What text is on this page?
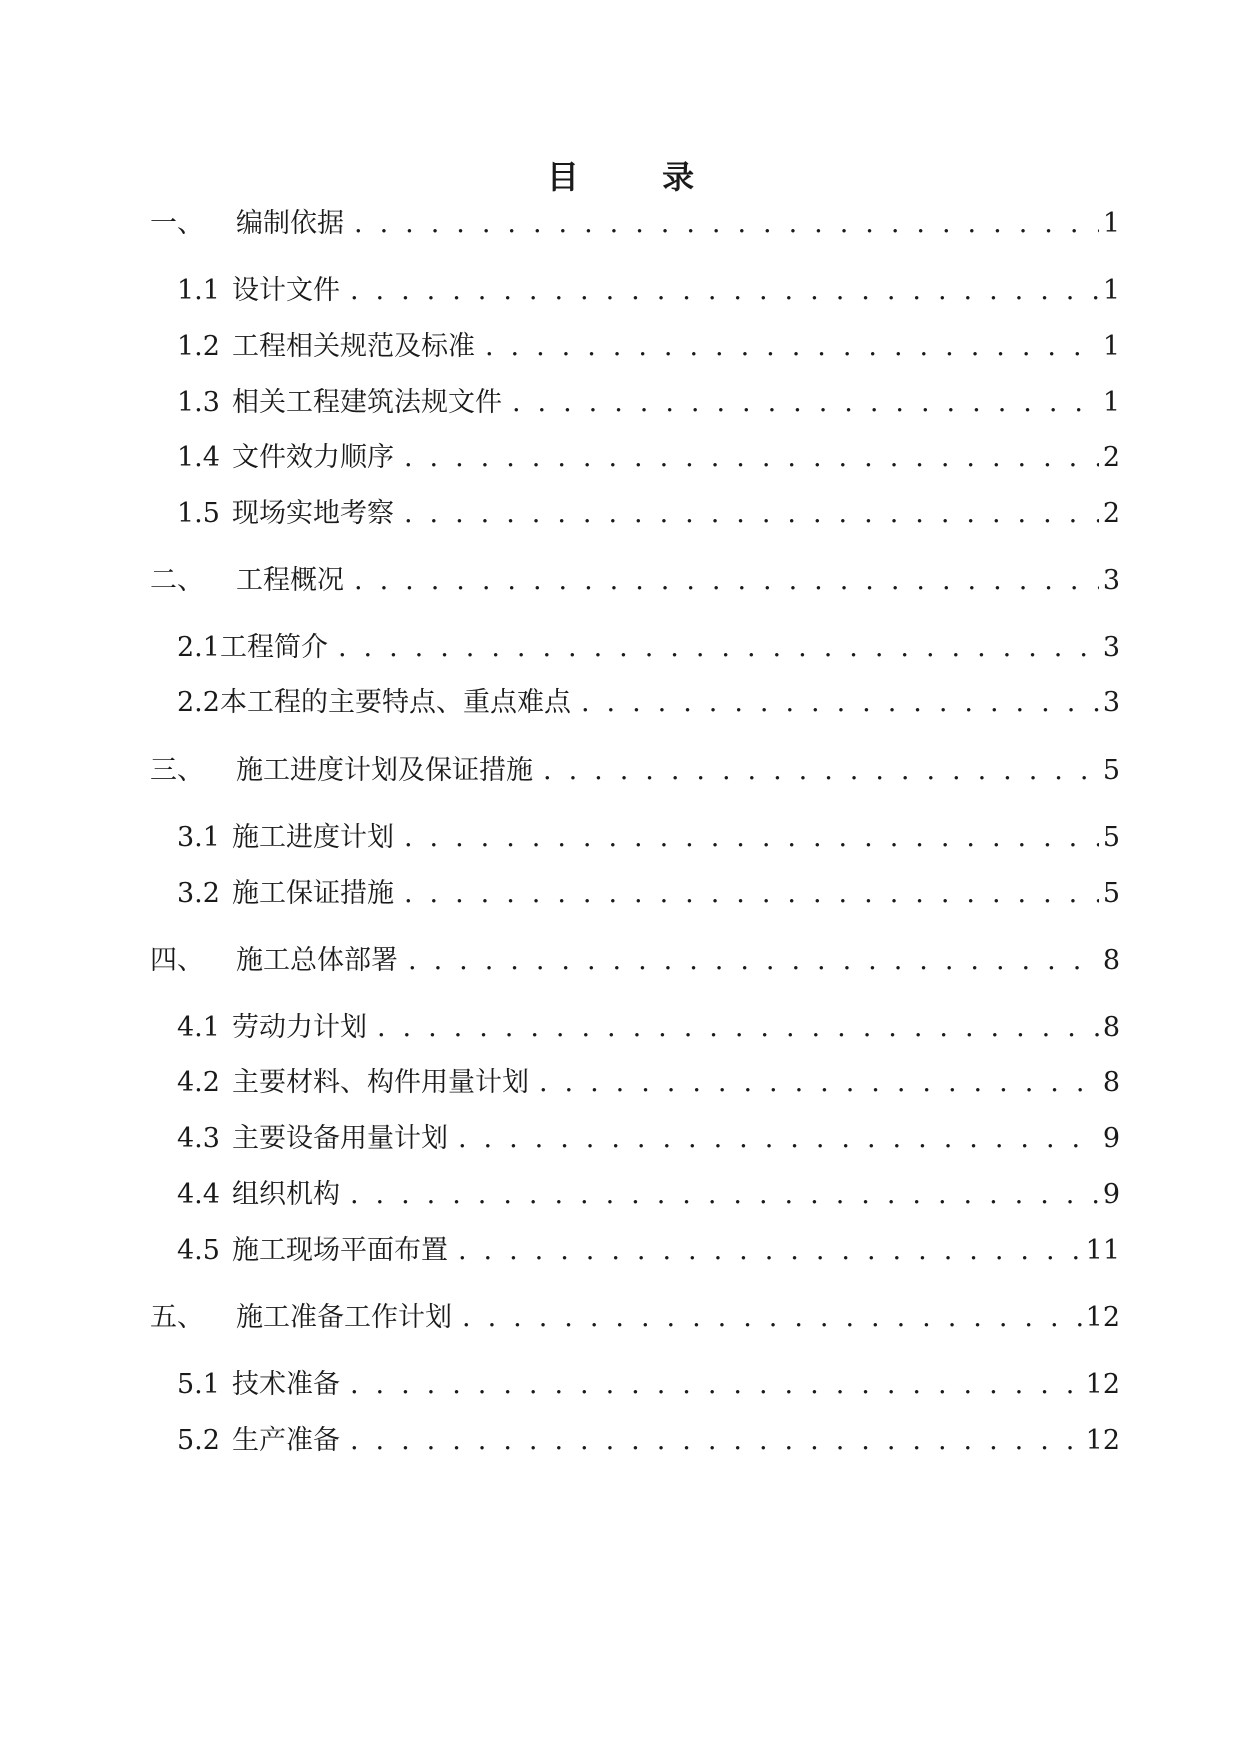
目 录
一、	编制依据 . . .	1
1.1 设计文件 . . .	1
1.2 工程相关规范及标准 . . .	1
1.3 相关工程建筑法规文件 . . .	1
1.4 文件效力顺序 . . .	2
1.5 现场实地考察 . . .	2
二、	工程概况 . . .	3
2.1 工程简介 . . .	3
2.2 本工程的主要特点、重点难点 . . .	3
三、	施工进度计划及保证措施 . . .	5
3.1 施工进度计划 . . .	5
3.2 施工保证措施 . . .	5
四、	施工总体部署 . . .	8
4.1 劳动力计划 . . .	8
4.2 主要材料、构件用量计划 . . .	8
4.3 主要设备用量计划 . . .	9
4.4 组织机构 . . .	9
4.5 施工现场平面布置 . . .	11
五、	施工准备工作计划 . . .	12
5.1 技术准备 . . .	12
5.2 生产准备 . . .	12
